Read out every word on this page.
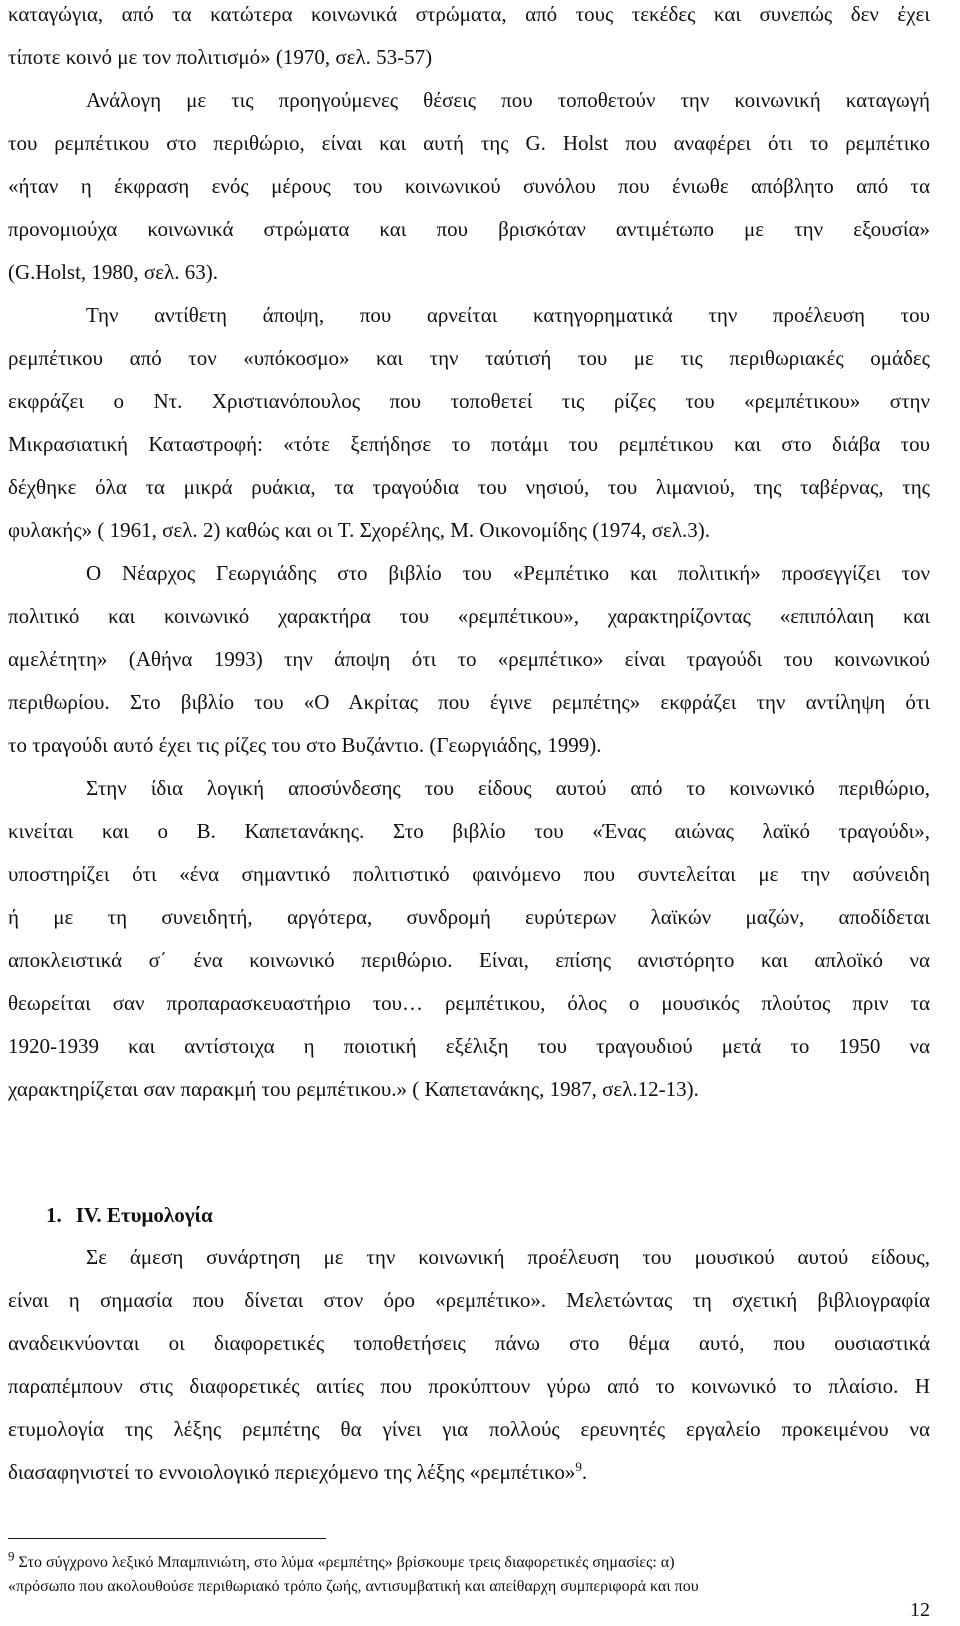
καταγώγια, από τα κατώτερα κοινωνικά στρώματα, από τους τεκέδες και συνεπώς δεν έχει
τίποτε κοινό με τον πολιτισμό» (1970, σελ. 53-57)
Ανάλογη με τις προηγούμενες θέσεις που τοποθετούν την κοινωνική καταγωγή
του ρεμπέτικου στο περιθώριο, είναι και αυτή της G. Holst που αναφέρει ότι το ρεμπέτικο
«ήταν η έκφραση ενός μέρους του κοινωνικού συνόλου που ένιωθε απόβλητο από τα
προνομιούχα κοινωνικά στρώματα και που βρισκόταν αντιμέτωπο με την εξουσία»
(G.Holst, 1980, σελ. 63).
Την αντίθετη άποψη, που αρνείται κατηγορηματικά την προέλευση του
ρεμπέτικου από τον «υπόκοσμο» και την ταύτισή του με τις περιθωριακές ομάδες
εκφράζει ο Ντ. Χριστιανόπουλος που τοποθετεί τις ρίζες του «ρεμπέτικου» στην
Μικρασιατική Καταστροφή: «τότε ξεπήδησε το ποτάμι του ρεμπέτικου και στο διάβα του
δέχθηκε όλα τα μικρά ρυάκια, τα τραγούδια του νησιού, του λιμανιού, της ταβέρνας, της
φυλακής» ( 1961, σελ. 2) καθώς και οι Τ. Σχορέλης, Μ. Οικονομίδης (1974, σελ.3).
Ο Νέαρχος Γεωργιάδης στο βιβλίο του «Ρεμπέτικο και πολιτική» προσεγγίζει τον
πολιτικό και κοινωνικό χαρακτήρα του «ρεμπέτικου», χαρακτηρίζοντας «επιπόλαιη και
αμελέτητη» (Αθήνα 1993) την άποψη ότι το «ρεμπέτικο» είναι τραγούδι του κοινωνικού
περιθωρίου. Στο βιβλίο του «Ο Ακρίτας που έγινε ρεμπέτης» εκφράζει την αντίληψη ότι
το τραγούδι αυτό έχει τις ρίζες του στο Βυζάντιο. (Γεωργιάδης, 1999).
Στην ίδια λογική αποσύνδεσης του είδους αυτού από το κοινωνικό περιθώριο,
κινείται και ο Β. Καπετανάκης. Στο βιβλίο του «Ένας αιώνας λαϊκό τραγούδι»,
υποστηρίζει ότι «ένα σημαντικό πολιτιστικό φαινόμενο που συντελείται με την ασύνειδη
ή με τη συνειδητή, αργότερα, συνδρομή ευρύτερων λαϊκών μαζών, αποδίδεται
αποκλειστικά σ΄ ένα κοινωνικό περιθώριο. Είναι, επίσης ανιστόρητο και απλοϊκό να
θεωρείται σαν προπαρασκευαστήριο του… ρεμπέτικου, όλος ο μουσικός πλούτος πριν τα
1920-1939 και αντίστοιχα η ποιοτική εξέλιξη του τραγουδιού μετά το 1950 να
χαρακτηρίζεται σαν παρακμή του ρεμπέτικου.» ( Καπετανάκης, 1987, σελ.12-13).
1. IV. Ετυμολογία
Σε άμεση συνάρτηση με την κοινωνική προέλευση του μουσικού αυτού είδους,
είναι η σημασία που δίνεται στον όρο «ρεμπέτικο». Μελετώντας τη σχετική βιβλιογραφία
αναδεικνύονται οι διαφορετικές τοποθετήσεις πάνω στο θέμα αυτό, που ουσιαστικά
παραπέμπουν στις διαφορετικές αιτίες που προκύπτουν γύρω από το κοινωνικό το πλαίσιο. Η
ετυμολογία της λέξης ρεμπέτης θα γίνει για πολλούς ερευνητές εργαλείο προκειμένου να
διασαφηνιστεί το εννοιολογικό περιεχόμενο της λέξης «ρεμπέτικο»$^9$.
$^9$ Στο σύγχρονο λεξικό Μπαμπινιώτη, στο λύμα «ρεμπέτης» βρίσκουμε τρεις διαφορετικές σημασίες: α)
«πρόσωπο που ακολουθούσε περιθωριακό τρόπο ζωής, αντισυμβατική και απείθαρχη συμπεριφορά και που
12
